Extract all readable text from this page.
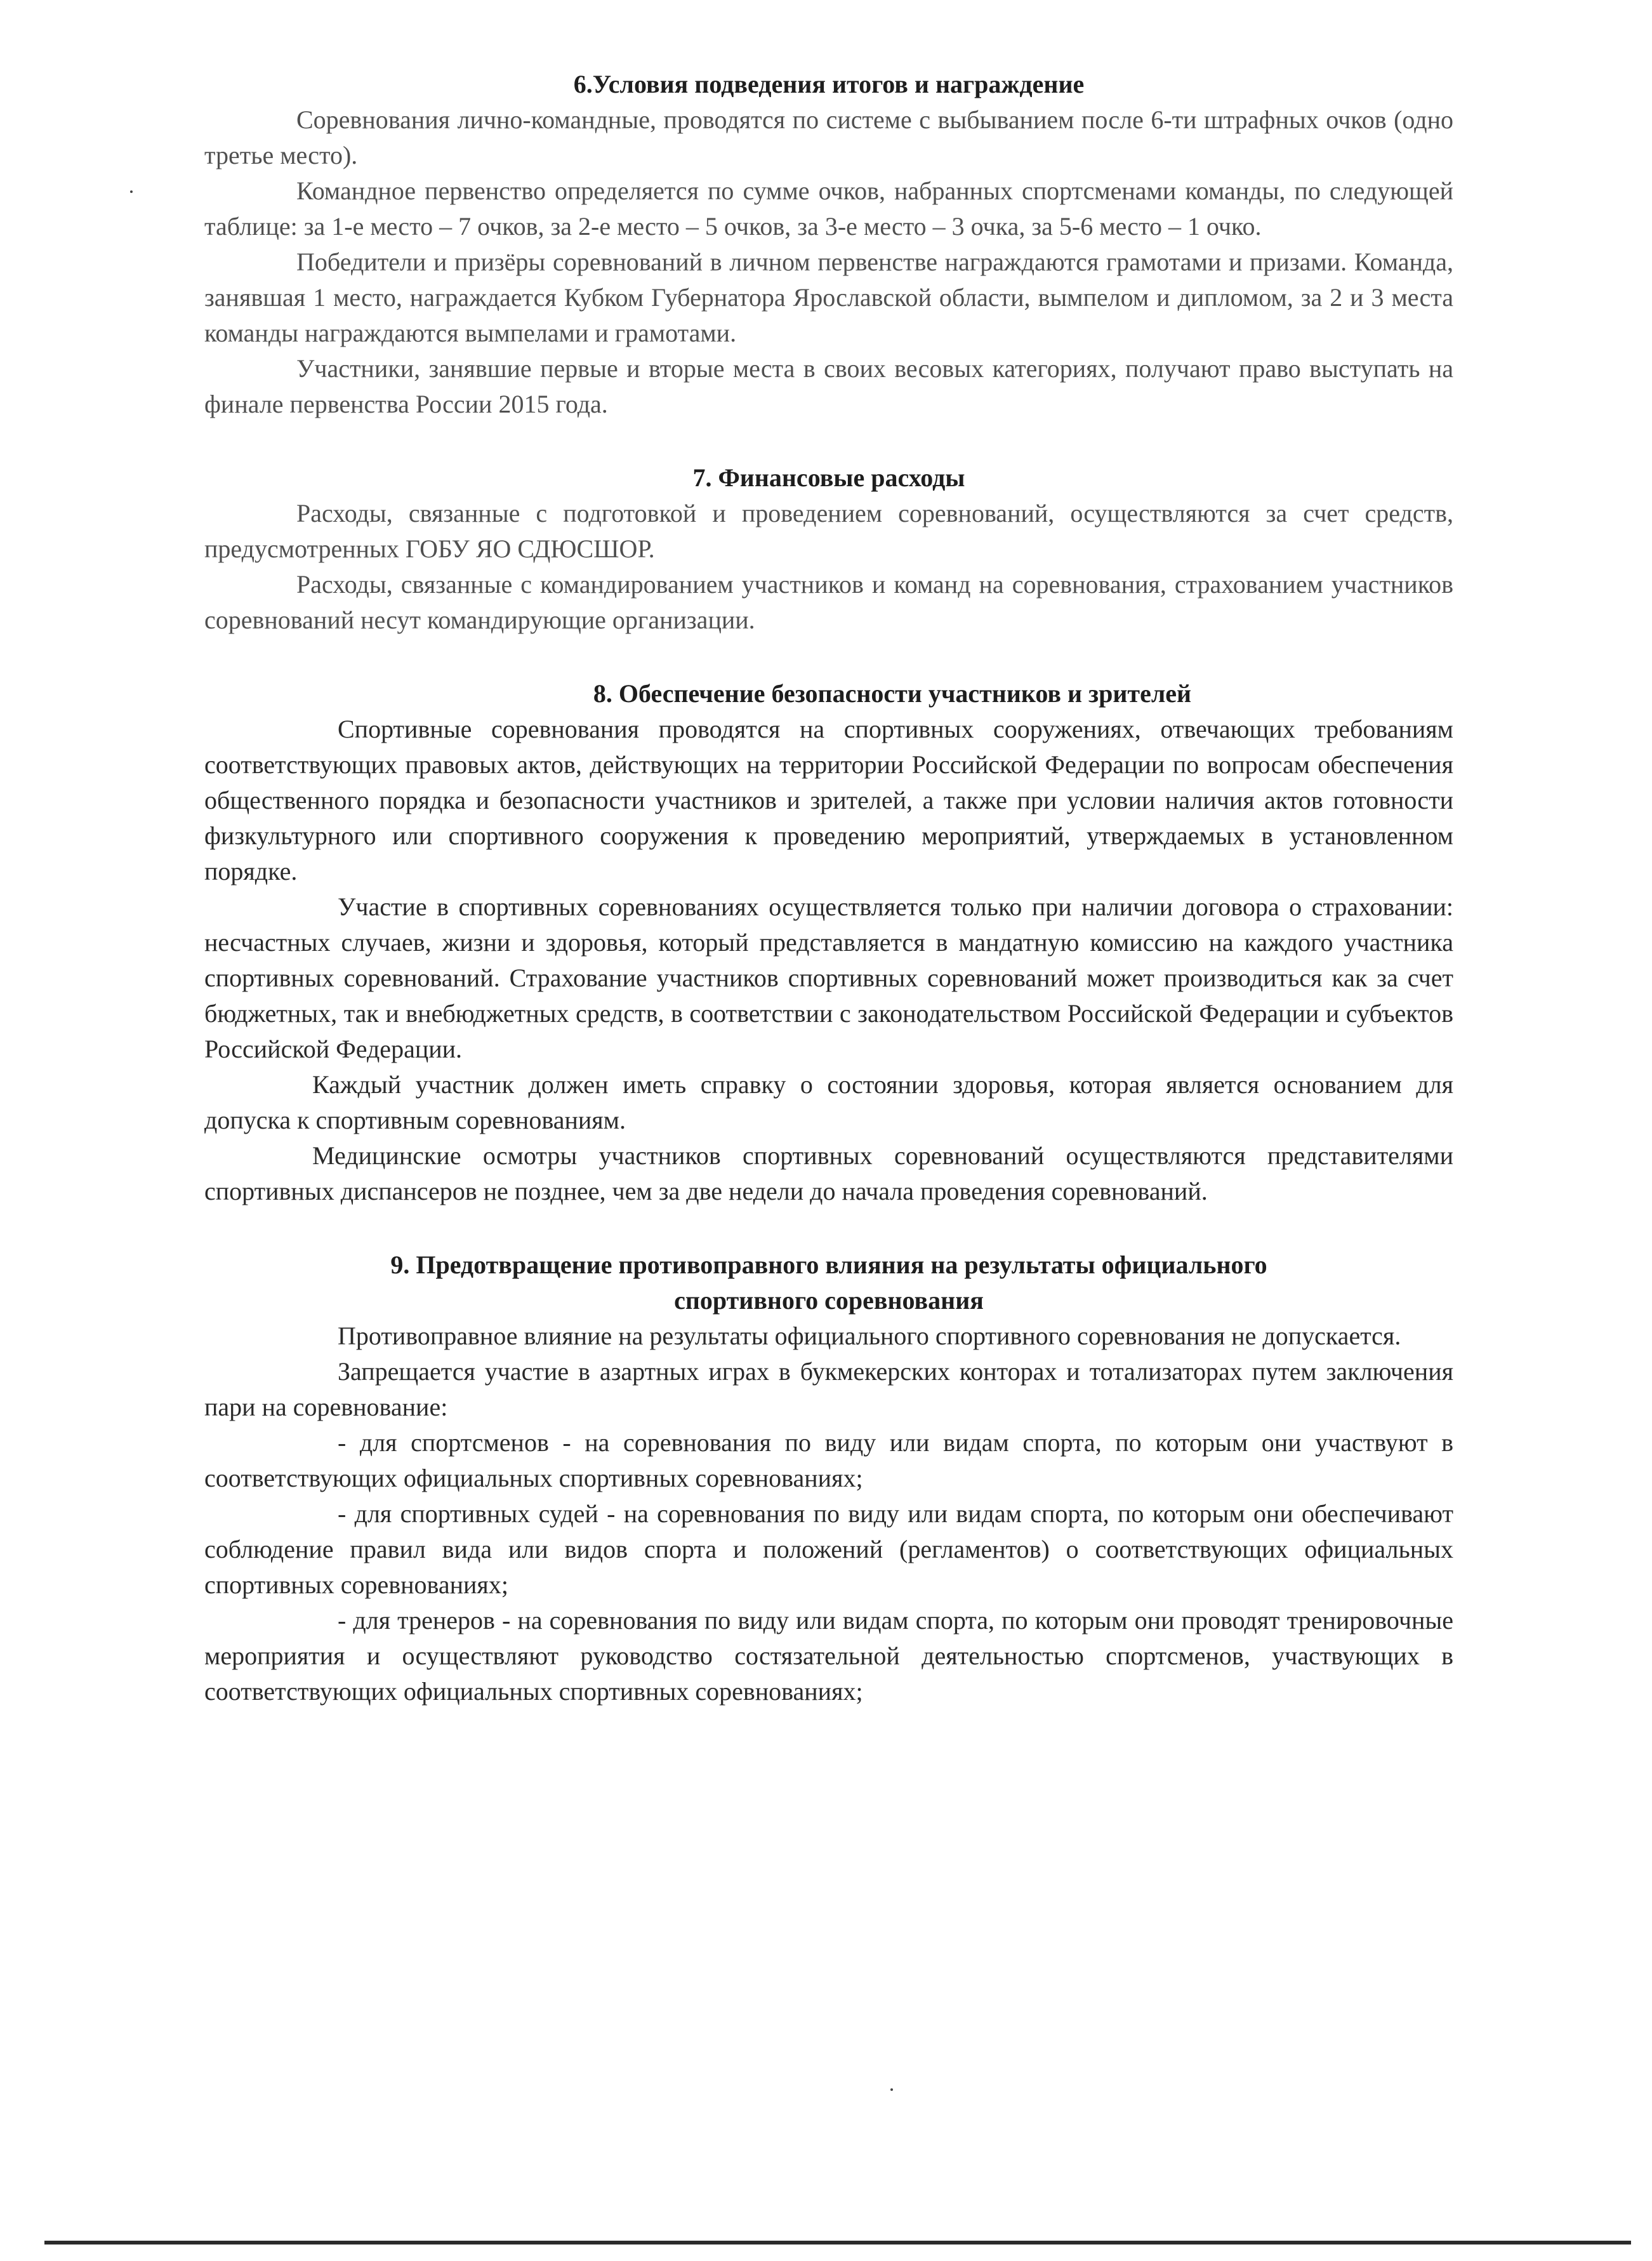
6.Условия подведения итогов и награждение

Соревнования лично-командные, проводятся по системе с выбыванием после 6-ти штрафных очков (одно третье место).

Командное первенство определяется по сумме очков, набранных спортсменами команды, по следующей таблице: за 1-е место – 7 очков, за 2-е место – 5 очков, за 3-е место – 3 очка, за 5-6 место – 1 очко.

Победители и призёры соревнований в личном первенстве награждаются грамотами и призами. Команда, занявшая 1 место, награждается Кубком Губернатора Ярославской области, вымпелом и дипломом, за 2 и 3 места команды награждаются вымпелами и грамотами.

Участники, занявшие первые и вторые места в своих весовых категориях, получают право выступать на финале первенства России 2015 года.

7. Финансовые расходы

Расходы, связанные с подготовкой и проведением соревнований, осуществляются за счет средств, предусмотренных ГОБУ ЯО СДЮСШОР.

Расходы, связанные с командированием участников и команд на соревнования, страхованием участников соревнований несут командирующие организации.

8. Обеспечение безопасности участников и зрителей

Спортивные соревнования проводятся на спортивных сооружениях, отвечающих требованиям соответствующих правовых актов, действующих на территории Российской Федерации по вопросам обеспечения общественного порядка и безопасности участников и зрителей, а также при условии наличия актов готовности физкультурного или спортивного сооружения к проведению мероприятий, утверждаемых в установленном порядке.

Участие в спортивных соревнованиях осуществляется только при наличии договора о страховании: несчастных случаев, жизни и здоровья, который представляется в мандатную комиссию на каждого участника спортивных соревнований. Страхование участников спортивных соревнований может производиться как за счет бюджетных, так и внебюджетных средств, в соответствии с законодательством Российской Федерации и субъектов Российской Федерации.

Каждый участник должен иметь справку о состоянии здоровья, которая является основанием для допуска к спортивным соревнованиям.

Медицинские осмотры участников спортивных соревнований осуществляются представителями спортивных диспансеров не позднее, чем за две недели до начала проведения соревнований.

9. Предотвращение противоправного влияния на результаты официального
спортивного соревнования

Противоправное влияние на результаты официального спортивного соревнования не допускается.

Запрещается участие в азартных играх в букмекерских конторах и тотализаторах путем заключения пари на соревнование:

- для спортсменов - на соревнования по виду или видам спорта, по которым они участвуют в соответствующих официальных спортивных соревнованиях;

- для спортивных судей - на соревнования по виду или видам спорта, по которым они обеспечивают соблюдение правил вида или видов спорта и положений (регламентов) о соответствующих официальных спортивных соревнованиях;

- для тренеров - на соревнования по виду или видам спорта, по которым они проводят тренировочные мероприятия и осуществляют руководство состязательной деятельностью спортсменов, участвующих в соответствующих официальных спортивных соревнованиях;
